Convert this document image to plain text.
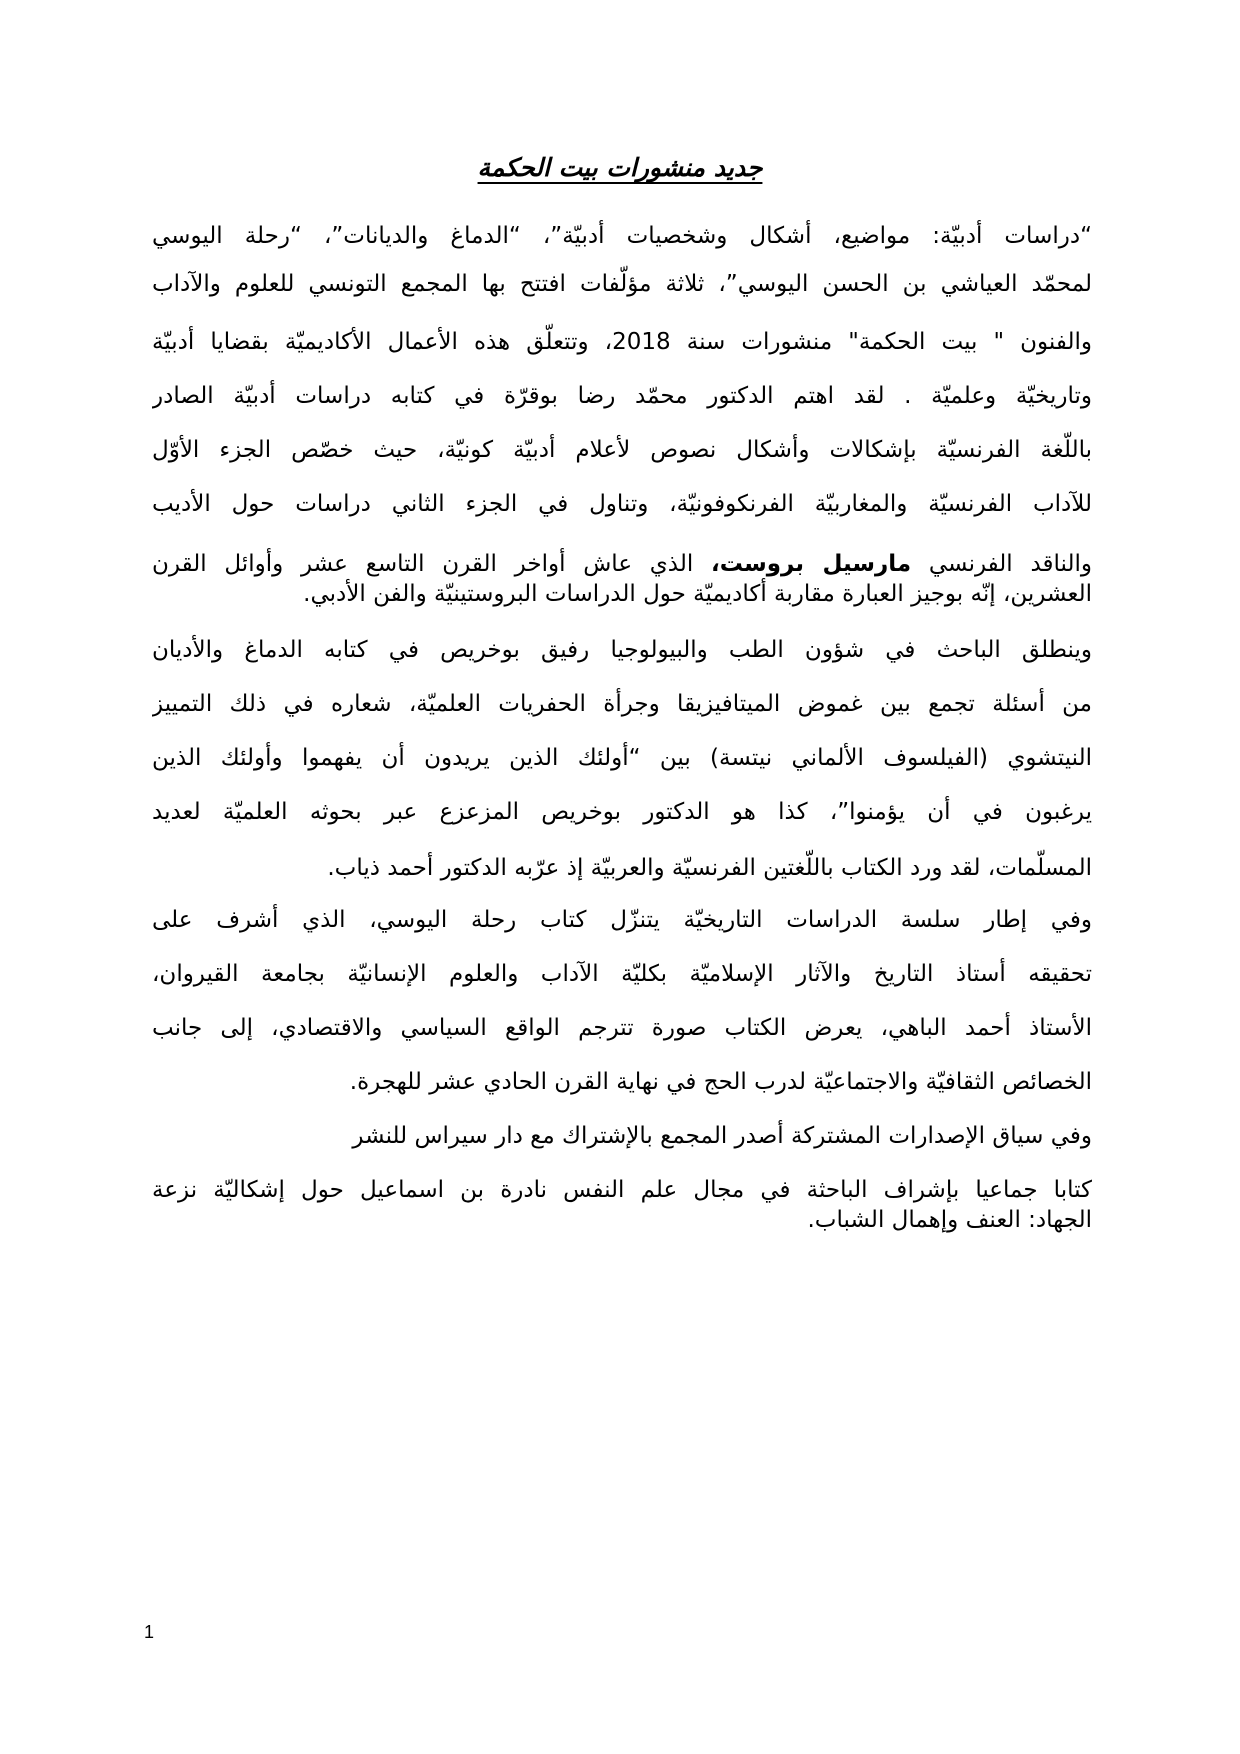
جديد منشورات بيت الحكمة
“دراسات أدبيّة: مواضيع، أشكال وشخصيات أدبيّة”، “الدماغ والديانات”، “رحلة اليوسي
لمحمّد العياشي بن الحسن اليوسي”، ثلاثة مؤلّفات افتتح بها المجمع التونسي للعلوم والآداب
والفنون " بيت الحكمة" منشورات سنة 2018، وتتعلّق هذه الأعمال الأكاديميّة بقضايا أدبيّة
وتاريخيّة وعلميّة . لقد اهتم الدكتور محمّد رضا بوقرّة في كتابه دراسات أدبيّة الصادر
باللّغة الفرنسيّة بإشكالات وأشكال نصوص لأعلام أدبيّة كونيّة، حيث خصّص الجزء الأوّل
للآداب الفرنسيّة والمغاربيّة الفرنكوفونيّة، وتناول في الجزء الثاني دراسات حول الأديب
والناقد الفرنسي مارسيل بروست، الذي عاش أواخر القرن التاسع عشر وأوائل القرن
العشرين، إنّه بوجيز العبارة مقاربة أكاديميّة حول الدراسات البروستينيّة والفن الأدبي.
وينطلق الباحث في شؤون الطب والبيولوجيا رفيق بوخريص في كتابه الدماغ والأديان
من أسئلة تجمع بين غموض الميتافيزيقا وجرأة الحفريات العلميّة، شعاره في ذلك التمييز
النيتشوي (الفيلسوف الألماني نيتسة) بين “أولئك الذين يريدون أن يفهموا وأولئك الذين
يرغبون في أن يؤمنوا”، كذا هو الدكتور بوخريص المزعزع عبر بحوثه العلميّة لعديد
المسلّمات، لقد ورد الكتاب باللّغتين الفرنسيّة والعربيّة إذ عرّبه الدكتور أحمد ذياب.
وفي إطار سلسة الدراسات التاريخيّة يتنزّل كتاب رحلة اليوسي، الذي أشرف على
تحقيقه أستاذ التاريخ والآثار الإسلاميّة بكليّة الآداب والعلوم الإنسانيّة بجامعة القيروان،
الأستاذ أحمد الباهي، يعرض الكتاب صورة تترجم الواقع السياسي والاقتصادي، إلى جانب
الخصائص الثقافيّة والاجتماعيّة لدرب الحج في نهاية القرن الحادي عشر للهجرة.
وفي سياق الإصدارات المشتركة أصدر المجمع بالإشتراك مع دار سيراس للنشر
كتابا جماعيا بإشراف الباحثة في مجال علم النفس نادرة بن اسماعيل حول إشكاليّة نزعة
الجهاد: العنف وإهمال الشباب.
1
